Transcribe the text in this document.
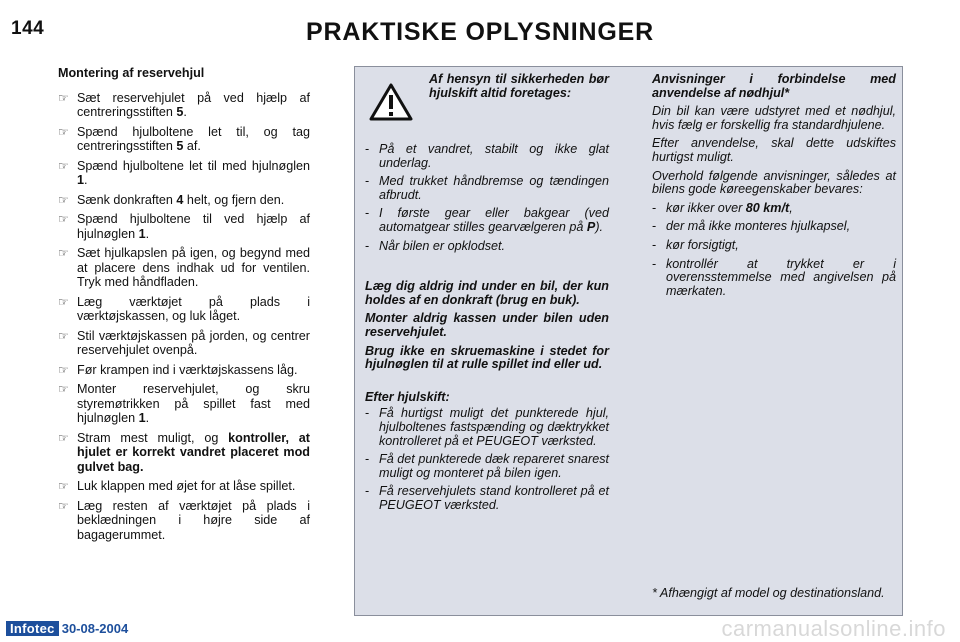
144	PRAKTISKE OPLYSNINGER
Montering af reservehjul
☞ Sæt reservehjulet på ved hjælp af centreringsstiften 5.
☞ Spænd hjulboltene let til, og tag centreringsstiften 5 af.
☞ Spænd hjulboltene let til med hjulnøglen 1.
☞ Sænk donkraften 4 helt, og fjern den.
☞ Spænd hjulboltene til ved hjælp af hjulnøglen 1.
☞ Sæt hjulkapslen på igen, og begynd med at placere dens indhak ud for ventilen. Tryk med håndfladen.
☞ Læg værktøjet på plads i værktøjskassen, og luk låget.
☞ Stil værktøjskassen på jorden, og centrer reservehjulet ovenpå.
☞ Før krampen ind i værktøjskassens låg.
☞ Monter reservehjulet, og skru styremøtrikken på spillet fast med hjulnøglen 1.
☞ Stram mest muligt, og kontroller, at hjulet er korrekt vandret placeret mod gulvet bag.
☞ Luk klappen med øjet for at låse spillet.
☞ Læg resten af værktøjet på plads i beklædningen i højre side af bagagerummet.
Af hensyn til sikkerheden bør hjulskift altid foretages:
- På et vandret, stabilt og ikke glat underlag.
- Med trukket håndbremse og tændingen afbrudt.
- I første gear eller bakgear (ved automatgear stilles gearvælgeren på P).
- Når bilen er opklodset.
Læg dig aldrig ind under en bil, der kun holdes af en donkraft (brug en buk).
Monter aldrig kassen under bilen uden reservehjulet.
Brug ikke en skruemaskine i stedet for hjulnøglen til at rulle spillet ind eller ud.
Efter hjulskift:
- Få hurtigst muligt det punkterede hjul, hjulboltenes fastspænding og dæktrykket kontrolleret på et PEUGEOT værksted.
- Få det punkterede dæk repareret snarest muligt og monteret på bilen igen.
- Få reservehjulets stand kontrolleret på et PEUGEOT værksted.
Anvisninger i forbindelse med anvendelse af nødhjul*
Din bil kan være udstyret med et nødhjul, hvis fælg er forskellig fra standardhjulene.
Efter anvendelse, skal dette udskiftes hurtigst muligt.
Overhold følgende anvisninger, således at bilens gode køreegenskaber bevares:
- kør ikker over 80 km/t,
- der må ikke monteres hjulkapsel,
- kør forsigtigt,
- kontrollér at trykket er i overensstemmelse med angivelsen på mærkaten.
* Afhængigt af model og destinationsland.
Infotec 30-08-2004	carmanualsonline.info
